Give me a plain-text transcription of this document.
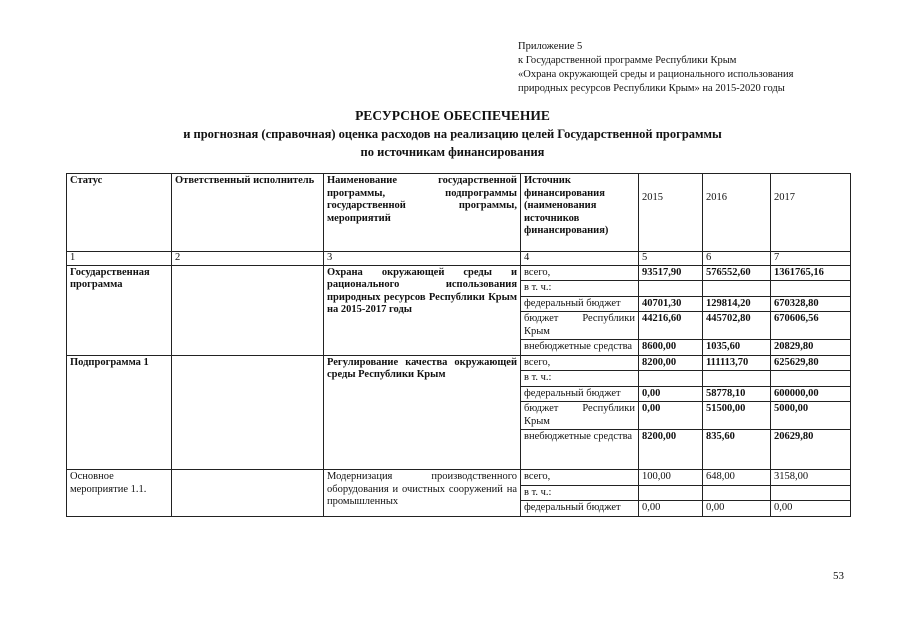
Приложение 5
к Государственной программе Республики Крым
«Охрана окружающей среды и рационального использования
природных ресурсов Республики Крым» на 2015-2020 годы
РЕСУРСНОЕ ОБЕСПЕЧЕНИЕ
и прогнозная (справочная) оценка расходов на реализацию целей Государственной программы
по источникам финансирования
Статус	Ответственный исполнитель	Наименование государственной программы, подпрограммы государственной программы, мероприятий	Источник финансирования (наименования источников финансирования)	2015	2016	2017
1	2	3	4	5	6	7
Государственная программа		Охрана окружающей среды и рационального использования природных ресурсов Республики Крым на 2015-2017 годы	всего,	93517,90	576552,60	1361765,16
			в т. ч.:			
			федеральный бюджет	40701,30	129814,20	670328,80
			бюджет Республики Крым	44216,60	445702,80	670606,56
			внебюджетные средства	8600,00	1035,60	20829,80
Подпрограмма 1		Регулирование качества окружающей среды Республики Крым	всего,	8200,00	111113,70	625629,80
			в т. ч.:			
			федеральный бюджет	0,00	58778,10	600000,00
			бюджет Республики Крым	0,00	51500,00	5000,00
			внебюджетные средства	8200,00	835,60	20629,80
Основное мероприятие 1.1.		Модернизация производственного оборудования и очистных сооружений на промышленных	всего,	100,00	648,00	3158,00
			в т. ч.:			
			федеральный бюджет	0,00	0,00	0,00
53
